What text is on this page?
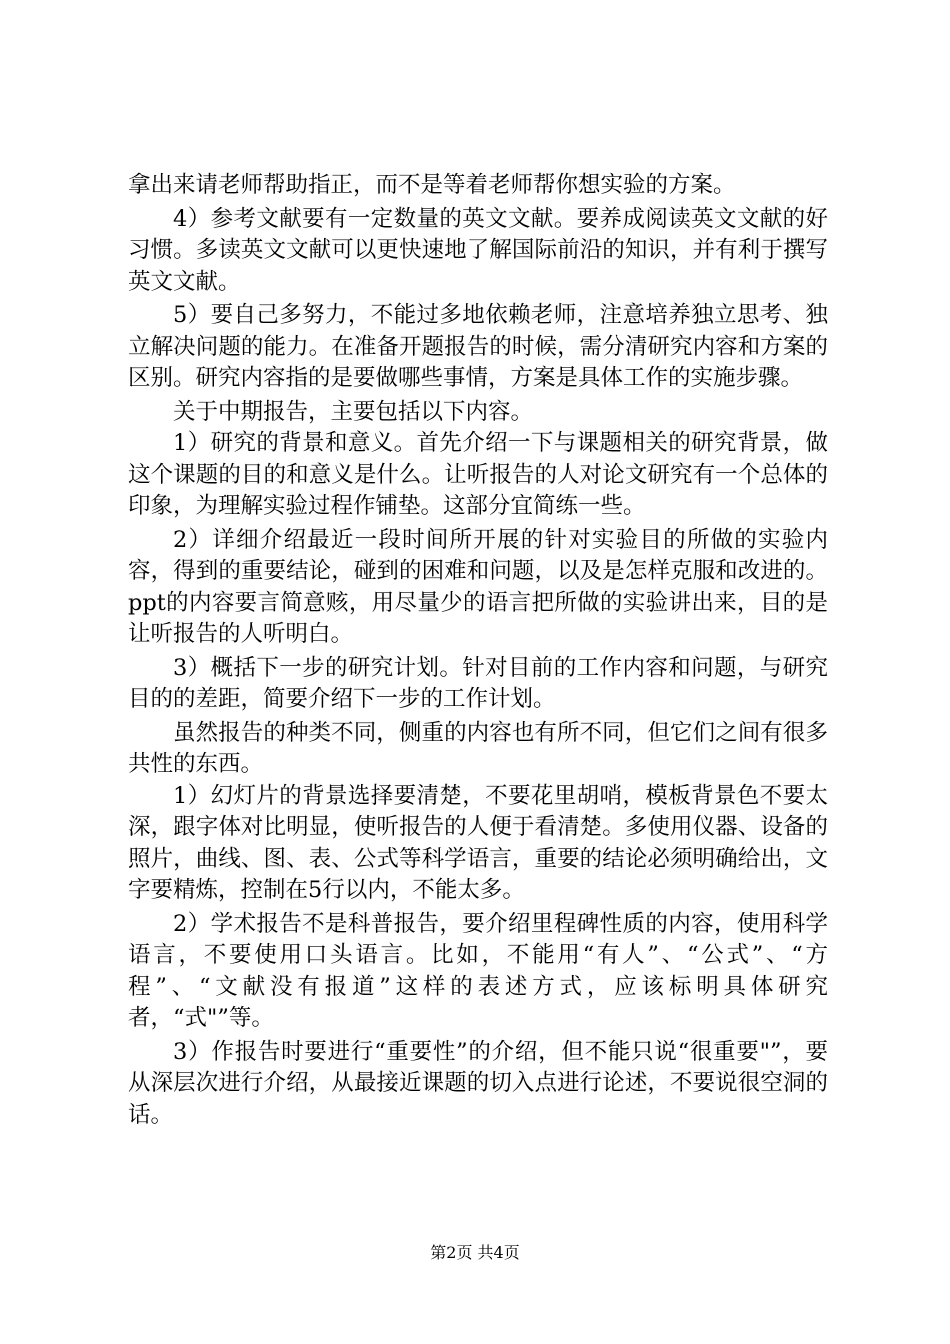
拿出来请老师帮助指正，而不是等着老师帮你想实验的方案。

4）参考文献要有一定数量的英文文献。要养成阅读英文文献的好习惯。多读英文文献可以更快速地了解国际前沿的知识，并有利于撰写英文文献。

5）要自己多努力，不能过多地依赖老师，注意培养独立思考、独立解决问题的能力。在准备开题报告的时候，需分清研究内容和方案的区别。研究内容指的是要做哪些事情，方案是具体工作的实施步骤。

关于中期报告，主要包括以下内容。

1）研究的背景和意义。首先介绍一下与课题相关的研究背景，做这个课题的目的和意义是什么。让听报告的人对论文研究有一个总体的印象，为理解实验过程作铺垫。这部分宜简练一些。

2）详细介绍最近一段时间所开展的针对实验目的所做的实验内容，得到的重要结论，碰到的困难和问题，以及是怎样克服和改进的。ppt的内容要言简意赅，用尽量少的语言把所做的实验讲出来，目的是让听报告的人听明白。

3）概括下一步的研究计划。针对目前的工作内容和问题，与研究目的的差距，简要介绍下一步的工作计划。

虽然报告的种类不同，侧重的内容也有所不同，但它们之间有很多共性的东西。

1）幻灯片的背景选择要清楚，不要花里胡哨，模板背景色不要太深，跟字体对比明显，使听报告的人便于看清楚。多使用仪器、设备的照片，曲线、图、表、公式等科学语言，重要的结论必须明确给出，文字要精炼，控制在5行以内，不能太多。

2）学术报告不是科普报告，要介绍里程碑性质的内容，使用科学语言，不要使用口头语言。比如，不能用“有人”、“公式”、“方程”、“文献没有报道”这样的表述方式，应该标明具体研究者，“式"”等。

3）作报告时要进行“重要性”的介绍，但不能只说“很重要"”，要从深层次进行介绍，从最接近课题的切入点进行论述，不要说很空洞的话。

第2页 共4页
